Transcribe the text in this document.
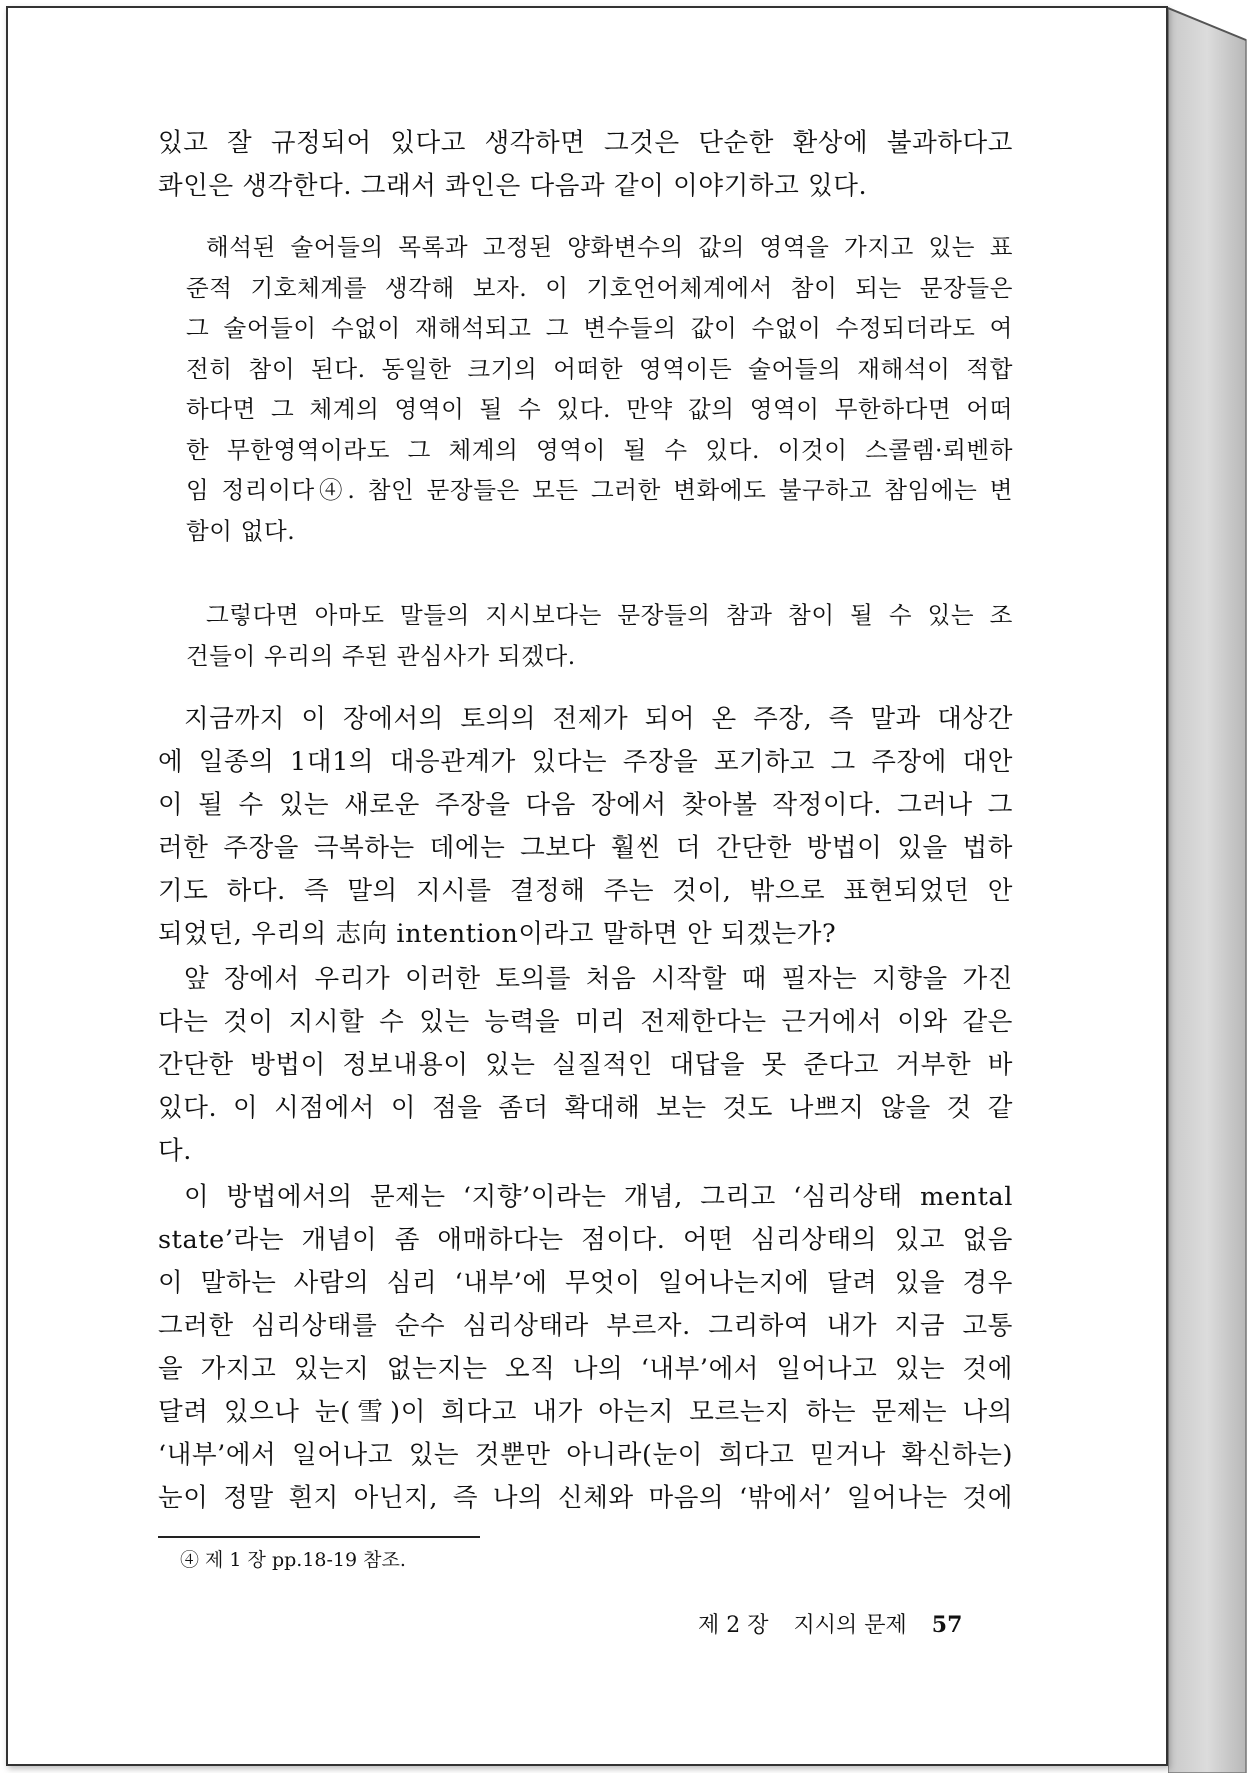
있고 잘 규정되어 있다고 생각하면 그것은 단순한 환상에 불과하다고
콰인은 생각한다. 그래서 콰인은 다음과 같이 이야기하고 있다.
해석된 술어들의 목록과 고정된 양화변수의 값의 영역을 가지고 있는 표
준적 기호체계를 생각해 보자. 이 기호언어체계에서 참이 되는 문장들은
그 술어들이 수없이 재해석되고 그 변수들의 값이 수없이 수정되더라도 여
전히 참이 된다. 동일한 크기의 어떠한 영역이든 술어들의 재해석이 적합
하다면 그 체계의 영역이 될 수 있다. 만약 값의 영역이 무한하다면 어떠
한 무한영역이라도 그 체계의 영역이 될 수 있다. 이것이 스콜렘·뢰벤하
임 정리이다④. 참인 문장들은 모든 그러한 변화에도 불구하고 참임에는 변
함이 없다.
그렇다면 아마도 말들의 지시보다는 문장들의 참과 참이 될 수 있는 조
건들이 우리의 주된 관심사가 되겠다.
지금까지 이 장에서의 토의의 전제가 되어 온 주장, 즉 말과 대상간
에 일종의 1대1의 대응관계가 있다는 주장을 포기하고 그 주장에 대안
이 될 수 있는 새로운 주장을 다음 장에서 찾아볼 작정이다. 그러나 그
러한 주장을 극복하는 데에는 그보다 훨씬 더 간단한 방법이 있을 법하
기도 하다. 즉 말의 지시를 결정해 주는 것이, 밖으로 표현되었던 안
되었던, 우리의 志向 intention이라고 말하면 안 되겠는가?
앞 장에서 우리가 이러한 토의를 처음 시작할 때 필자는 지향을 가진
다는 것이 지시할 수 있는 능력을 미리 전제한다는 근거에서 이와 같은
간단한 방법이 정보내용이 있는 실질적인 대답을 못 준다고 거부한 바
있다. 이 시점에서 이 점을 좀더 확대해 보는 것도 나쁘지 않을 것 같
다.
이 방법에서의 문제는 ‘지향’이라는 개념, 그리고 ‘심리상태 mental
state’라는 개념이 좀 애매하다는 점이다. 어떤 심리상태의 있고 없음
이 말하는 사람의 심리 ‘내부’에 무엇이 일어나는지에 달려 있을 경우
그러한 심리상태를 순수 심리상태라 부르자. 그리하여 내가 지금 고통
을 가지고 있는지 없는지는 오직 나의 ‘내부’에서 일어나고 있는 것에
달려 있으나 눈(雪)이 희다고 내가 아는지 모르는지 하는 문제는 나의
‘내부’에서 일어나고 있는 것뿐만 아니라(눈이 희다고 믿거나 확신하는)
눈이 정말 흰지 아닌지, 즉 나의 신체와 마음의 ‘밖에서’ 일어나는 것에
④ 제 1 장 pp.18-19 참조.
제 2 장 지시의 문제 57
